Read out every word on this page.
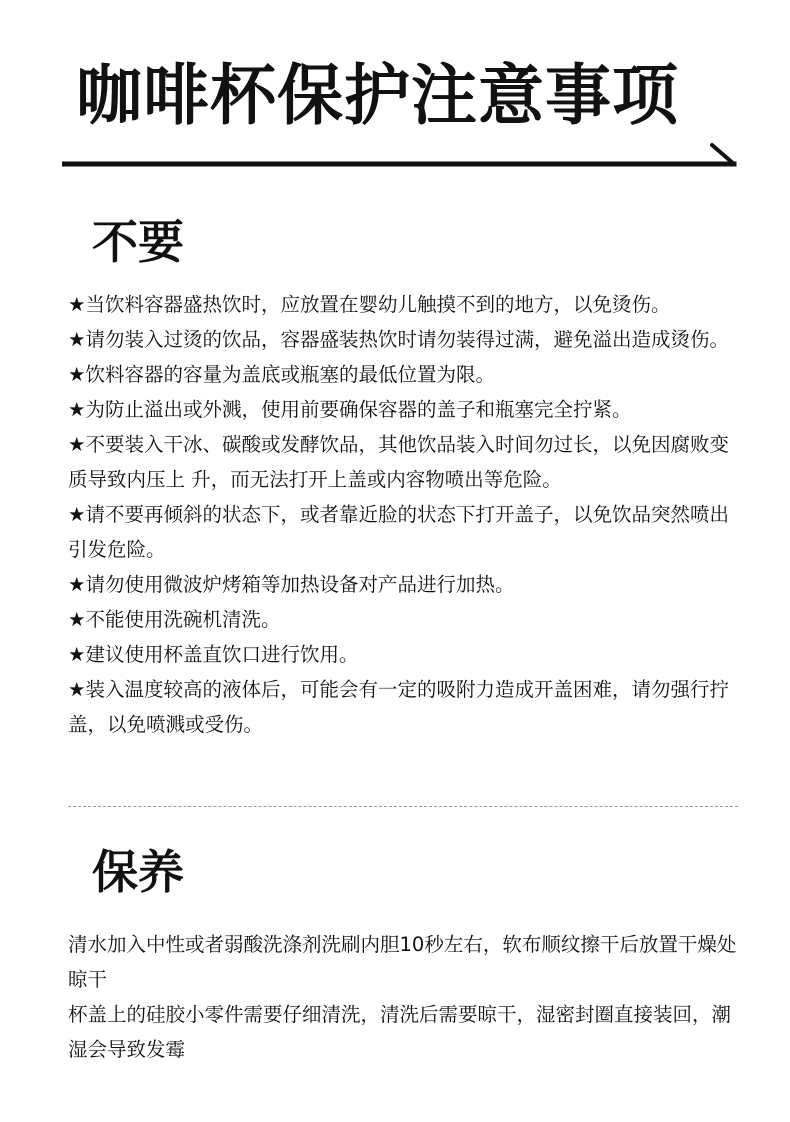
咖啡杯保护注意事项
不要
★当饮料容器盛热饮时，应放置在婴幼儿触摸不到的地方，以免烫伤。
★请勿装入过烫的饮品，容器盛装热饮时请勿装得过满，避免溢出造成烫伤。
★饮料容器的容量为盖底或瓶塞的最低位置为限。
★为防止溢出或外溅，使用前要确保容器的盖子和瓶塞完全拧紧。
★不要装入干冰、碳酸或发酵饮品，其他饮品装入时间勿过长，以免因腐败变质导致内压上 升，而无法打开上盖或内容物喷出等危险。
★请不要再倾斜的状态下，或者靠近脸的状态下打开盖子，以免饮品突然喷出引发危险。
★请勿使用微波炉烤箱等加热设备对产品进行加热。
★不能使用洗碗机清洗。
★建议使用杯盖直饮口进行饮用。
★装入温度较高的液体后，可能会有一定的吸附力造成开盖困难，请勿强行拧盖，以免喷溅或受伤。
保养
清水加入中性或者弱酸洗涤剂洗刷内胆10秒左右，软布顺纹擦干后放置干燥处晾干
杯盖上的硅胶小零件需要仔细清洗，清洗后需要晾干，湿密封圈直接装回，潮湿会导致发霉
